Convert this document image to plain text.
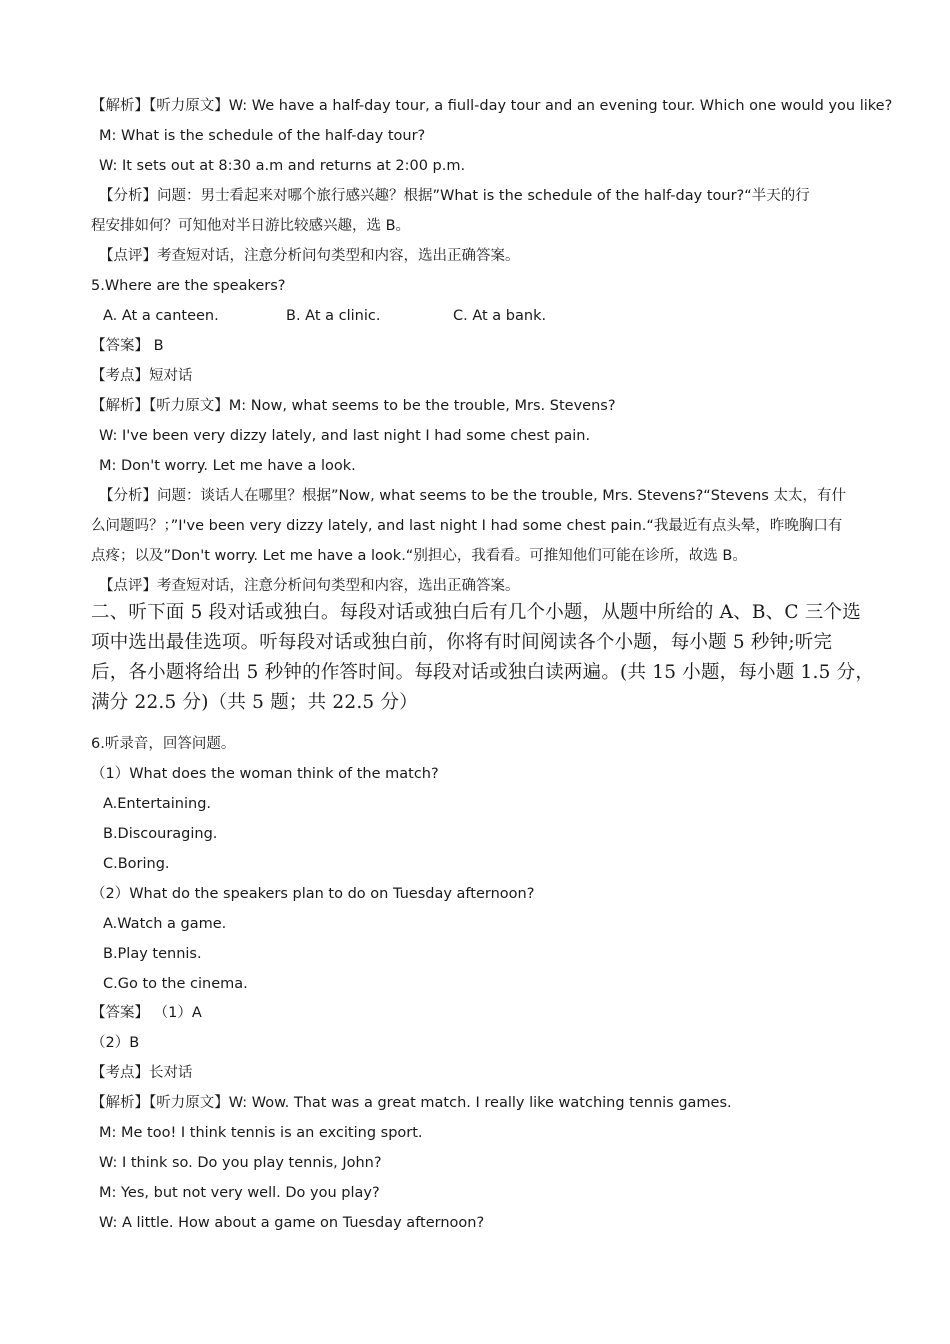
【解析】【听力原文】W: We have a half-day tour, a fiull-day tour and an evening tour. Which one would you like?
M: What is the schedule of the half-day tour?
W: It sets out at 8:30 a.m and returns at 2:00 p.m.
【分析】问题：男士看起来对哪个旅行感兴趣？根据”What is the schedule of the half-day tour?“半天的行
程安排如何？可知他对半日游比较感兴趣，选 B。
【点评】考查短对话，注意分析问句类型和内容，选出正确答案。
5.Where are the speakers?
A. At a canteen.	B. At a clinic.	C. At a bank.
【答案】 B
【考点】短对话
【解析】【听力原文】M: Now, what seems to be the trouble, Mrs. Stevens?
W: I've been very dizzy lately, and last night I had some chest pain.
M: Don't worry. Let me have a look.
【分析】问题：谈话人在哪里？根据”Now, what seems to be the trouble, Mrs. Stevens?“Stevens 太太，有什
么问题吗？；”I've been very dizzy lately, and last night I had some chest pain.“我最近有点头晕，昨晚胸口有
点疼；以及”Don't worry. Let me have a look.“别担心，我看看。可推知他们可能在诊所，故选 B。
【点评】考查短对话，注意分析问句类型和内容，选出正确答案。
二、听下面 5 段对话或独白。每段对话或独白后有几个小题，从题中所给的 A、B、C 三个选
项中选出最佳选项。听每段对话或独白前，你将有时间阅读各个小题，每小题 5 秒钟;听完
后，各小题将给出 5 秒钟的作答时间。每段对话或独白读两遍。(共 15 小题，每小题 1.5 分，
满分 22.5 分)（共 5 题；共 22.5 分）
6.听录音，回答问题。
（1）What does the woman think of the match?
A.Entertaining.
B.Discouraging.
C.Boring.
（2）What do the speakers plan to do on Tuesday afternoon?
A.Watch a game.
B.Play tennis.
C.Go to the cinema.
【答案】 （1）A
（2）B
【考点】长对话
【解析】【听力原文】W: Wow. That was a great match. I really like watching tennis games.
M: Me too! I think tennis is an exciting sport.
W: I think so. Do you play tennis, John?
M: Yes, but not very well. Do you play?
W: A little. How about a game on Tuesday afternoon?
